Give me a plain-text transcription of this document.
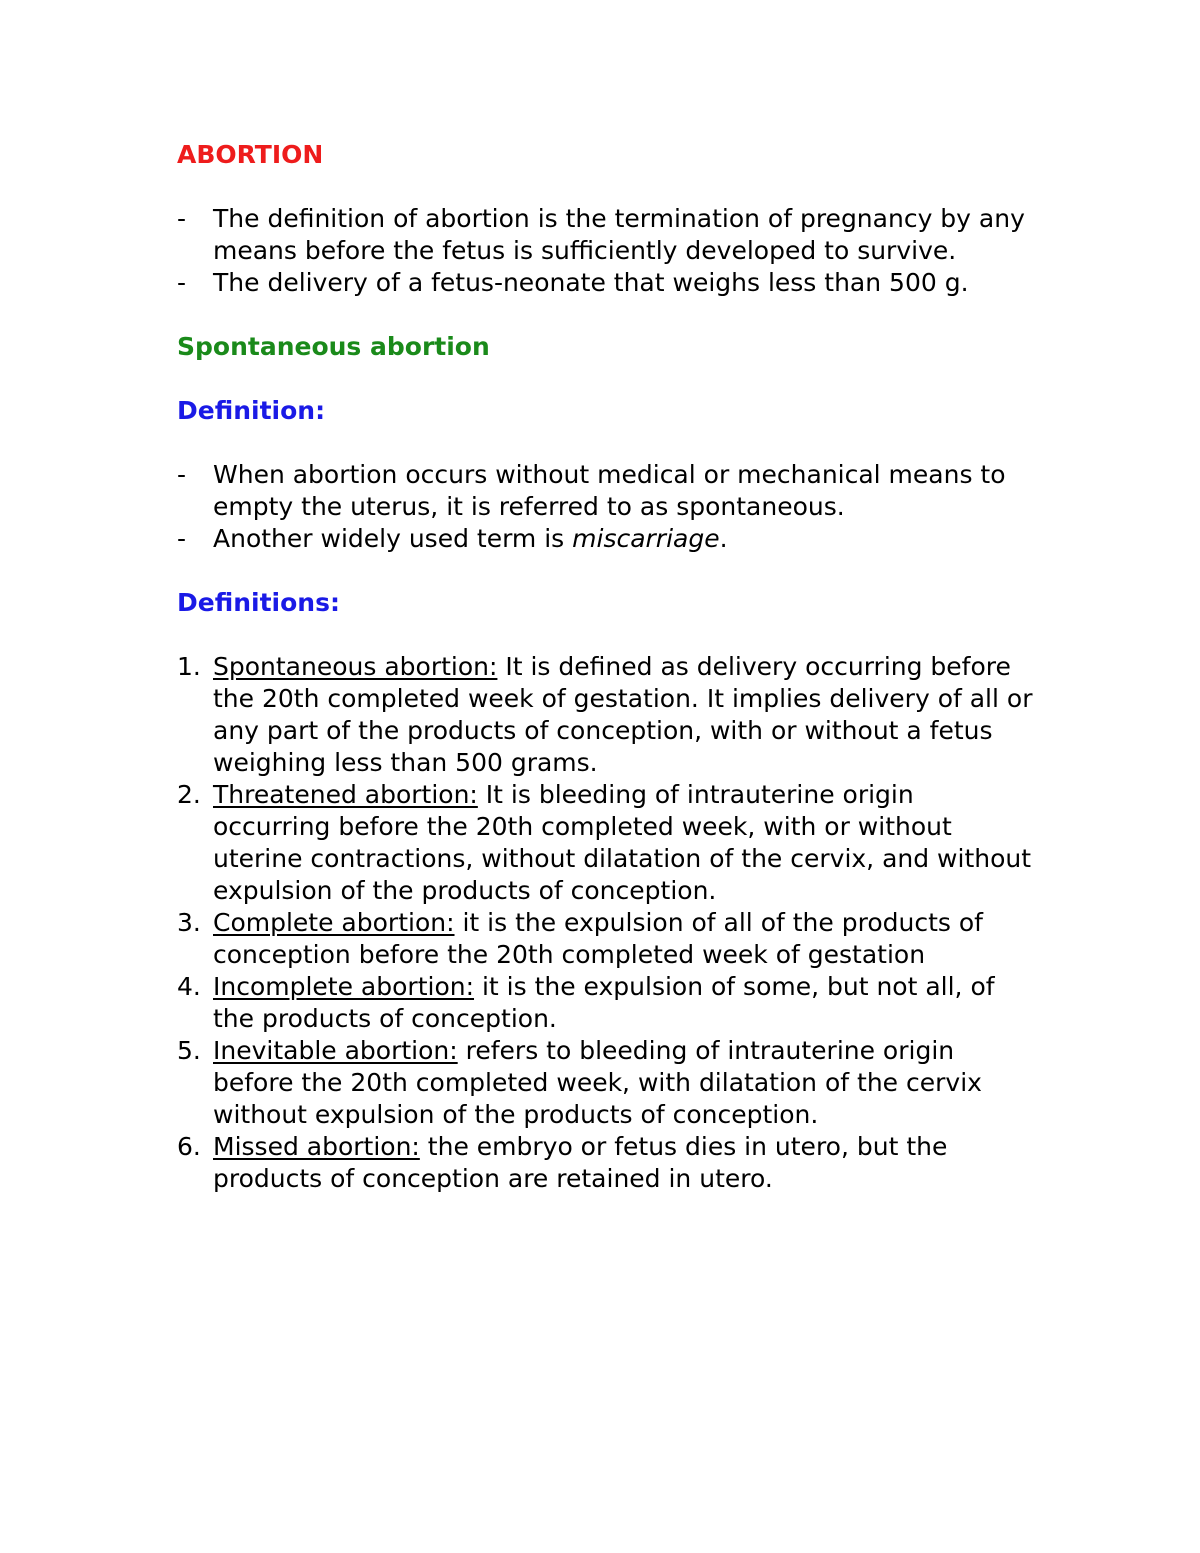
ABORTION

- The definition of abortion is the termination of pregnancy by any means before the fetus is sufficiently developed to survive.
- The delivery of a fetus-neonate that weighs less than 500 g.

Spontaneous abortion

Definition:

- When abortion occurs without medical or mechanical means to empty the uterus, it is referred to as spontaneous.
- Another widely used term is miscarriage.

Definitions:

1. Spontaneous abortion: It is defined as delivery occurring before the 20th completed week of gestation. It implies delivery of all or any part of the products of conception, with or without a fetus weighing less than 500 grams.
2. Threatened abortion: It is bleeding of intrauterine origin occurring before the 20th completed week, with or without uterine contractions, without dilatation of the cervix, and without expulsion of the products of conception.
3. Complete abortion: it is the expulsion of all of the products of conception before the 20th completed week of gestation
4. Incomplete abortion: it is the expulsion of some, but not all, of the products of conception.
5. Inevitable abortion: refers to bleeding of intrauterine origin before the 20th completed week, with dilatation of the cervix without expulsion of the products of conception.
6. Missed abortion: the embryo or fetus dies in utero, but the products of conception are retained in utero.
